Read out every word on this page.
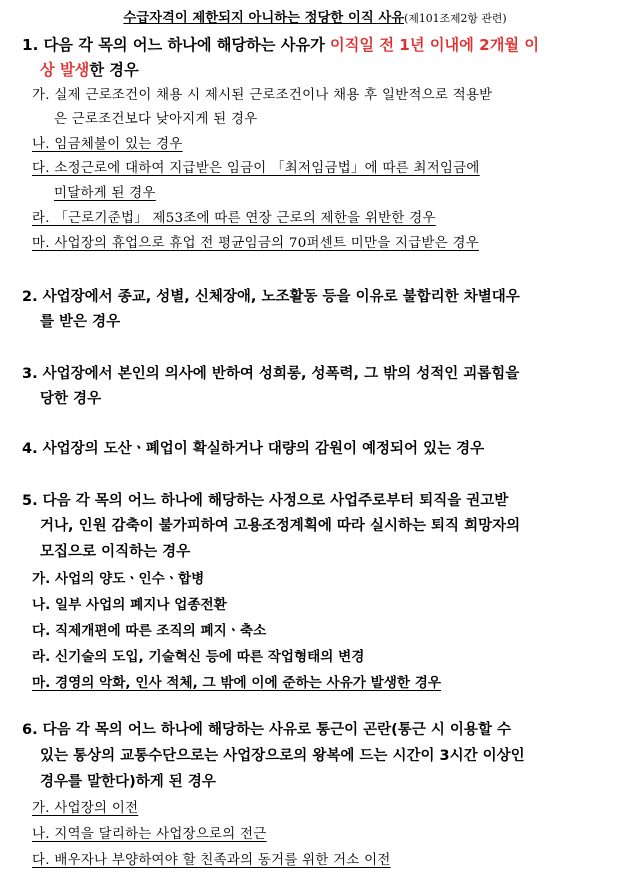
수급자격이 제한되지 아니하는 정당한 이직 사유(제101조제2항 관련)
1. 다음 각 목의 어느 하나에 해당하는 사유가 이직일 전 1년 이내에 2개월 이
상 발생한 경우
가. 실제 근로조건이 채용 시 제시된 근로조건이나 채용 후 일반적으로 적용받
은 근로조건보다 낮아지게 된 경우
나. 임금체불이 있는 경우
다. 소정근로에 대하여 지급받은 임금이 「최저임금법」에 따른 최저임금에
미달하게 된 경우
라. 「근로기준법」 제53조에 따른 연장 근로의 제한을 위반한 경우
마. 사업장의 휴업으로 휴업 전 평균임금의 70퍼센트 미만을 지급받은 경우
2. 사업장에서 종교, 성별, 신체장애, 노조활동 등을 이유로 불합리한 차별대우
를 받은 경우
3. 사업장에서 본인의 의사에 반하여 성희롱, 성폭력, 그 밖의 성적인 괴롭힘을
당한 경우
4. 사업장의 도산ㆍ폐업이 확실하거나 대량의 감원이 예정되어 있는 경우
5. 다음 각 목의 어느 하나에 해당하는 사정으로 사업주로부터 퇴직을 권고받
거나, 인원 감축이 불가피하여 고용조정계획에 따라 실시하는 퇴직 희망자의
모집으로 이직하는 경우
가. 사업의 양도ㆍ인수ㆍ합병
나. 일부 사업의 폐지나 업종전환
다. 직제개편에 따른 조직의 폐지ㆍ축소
라. 신기술의 도입, 기술혁신 등에 따른 작업형태의 변경
마. 경영의 악화, 인사 적체, 그 밖에 이에 준하는 사유가 발생한 경우
6. 다음 각 목의 어느 하나에 해당하는 사유로 통근이 곤란(통근 시 이용할 수
있는 통상의 교통수단으로는 사업장으로의 왕복에 드는 시간이 3시간 이상인
경우를 말한다)하게 된 경우
가. 사업장의 이전
나. 지역을 달리하는 사업장으로의 전근
다. 배우자나 부양하여야 할 친족과의 동거를 위한 거소 이전
